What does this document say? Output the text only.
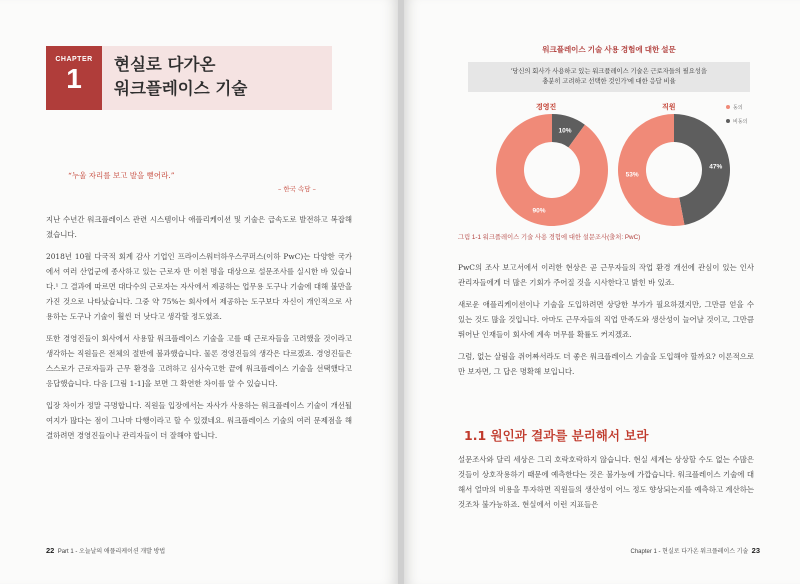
CHAPTER
1	현실로 다가온
워크플레이스 기술
“누울 자리를 보고 발을 뻗어라.”
– 한국 속담 –

지난 수년간 워크플레이스 관련 시스템이나 애플리케이션 및 기술은 급속도로 발전하고 복잡해졌습니다.

2018년 10월 다국적 회계 감사 기업인 프라이스워터하우스쿠퍼스(이하 PwC)는 다양한 국가에서 여러 산업군에 종사하고 있는 근로자 만 이천 명을 대상으로 설문조사를 실시한 바 있습니다.¹ 그 결과에 따르면 대다수의 근로자는 자사에서 제공하는 업무용 도구나 기술에 대해 불만을 가진 것으로 나타났습니다. 그중 약 75%는 회사에서 제공하는 도구보다 자신이 개인적으로 사용하는 도구나 기술이 훨씬 더 낫다고 생각할 정도였죠.

또한 경영진들이 회사에서 사용할 워크플레이스 기술을 고를 때 근로자들을 고려했을 것이라고 생각하는 직원들은 전체의 절반에 불과했습니다. 물론 경영진들의 생각은 다르겠죠. 경영진들은 스스로가 근로자들과 근무 환경을 고려하고 심사숙고한 끝에 워크플레이스 기술을 선택했다고 응답했습니다. 다음 [그림 1-1]을 보면 그 확연한 차이를 알 수 있습니다.

입장 차이가 정말 극명합니다. 직원들 입장에서는 자사가 사용하는 워크플레이스 기술이 개선될 여지가 많다는 점이 그나마 다행이라고 할 수 있겠네요. 워크플레이스 기술의 여러 문제점을 해결하려면 경영진들이나 관리자들이 더 잘해야 합니다.

22 Part 1 - 오늘날의 애플리케이션 개발 방법
워크플레이스 기술 사용 경험에 대한 설문
'당신의 회사가 사용하고 있는 워크플레이스 기술은 근로자들의 필요성을
충분히 고려하고 선택한 것인가'에 대한 응답 비율
경영진	직원
10%
90%
47%
53%
동의
비동의
그림 1-1 워크플레이스 기술 사용 경험에 대한 설문조사(출처: PwC)

PwC의 조사 보고서에서 이러한 현상은 곧 근무자들의 작업 환경 개선에 관심이 있는 인사 관리자들에게 더 많은 기회가 주어질 것을 시사한다고 밝힌 바 있죠.

새로운 애플리케이션이나 기술을 도입하려면 상당한 부가가 필요하겠지만, 그만큼 얻을 수 있는 것도 많을 것입니다. 아마도 근무자들의 직업 만족도와 생산성이 늘어날 것이고, 그만큼 뛰어난 인재들이 회사에 계속 머무를 확률도 커지겠죠.

그럼, 없는 살림을 쥐어짜서라도 더 좋은 워크플레이스 기술을 도입해야 할까요? 이론적으로만 보자면, 그 답은 명확해 보입니다.

1.1 원인과 결과를 분리해서 보라

설문조사와 달리 세상은 그리 호락호락하지 않습니다. 현실 세계는 상상할 수도 없는 수많은 것들이 상호작용하기 때문에 예측한다는 것은 불가능에 가깝습니다. 워크플레이스 기술에 대해서 얼마의 비용을 투자하면 직원들의 생산성이 어느 정도 향상되는지를 예측하고 계산하는 것조차 불가능하죠. 현실에서 이런 지표들은

Chapter 1 - 현실로 다가온 워크플레이스 기술 23
